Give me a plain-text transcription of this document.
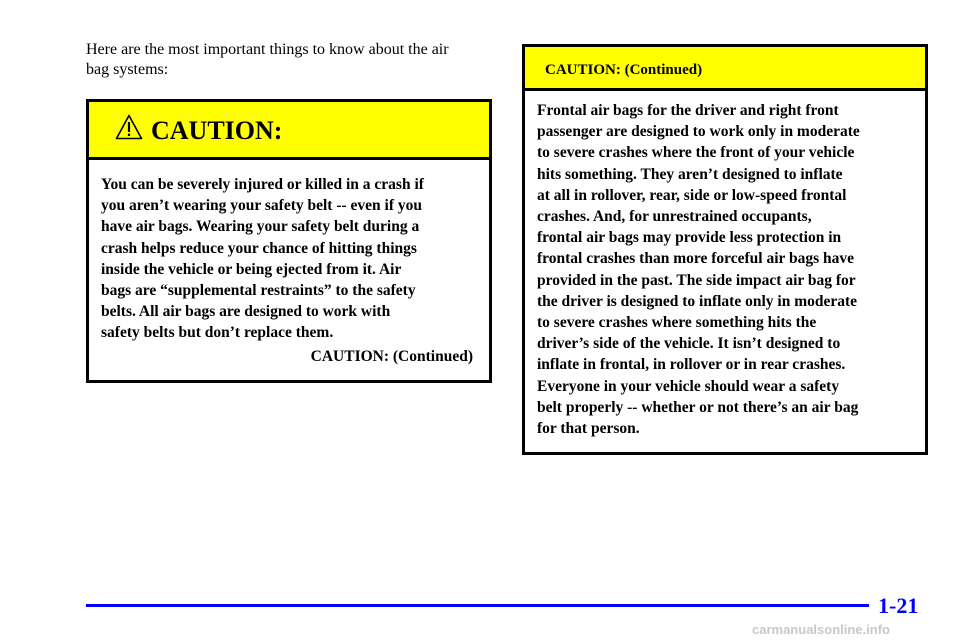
Here are the most important things to know about the air
bag systems:
CAUTION:
You can be severely injured or killed in a crash if
you aren’t wearing your safety belt -- even if you
have air bags. Wearing your safety belt during a
crash helps reduce your chance of hitting things
inside the vehicle or being ejected from it. Air
bags are “supplemental restraints” to the safety
belts. All air bags are designed to work with
safety belts but don’t replace them.
CAUTION: (Continued)
CAUTION: (Continued)
Frontal air bags for the driver and right front
passenger are designed to work only in moderate
to severe crashes where the front of your vehicle
hits something. They aren’t designed to inflate
at all in rollover, rear, side or low-speed frontal
crashes. And, for unrestrained occupants,
frontal air bags may provide less protection in
frontal crashes than more forceful air bags have
provided in the past. The side impact air bag for
the driver is designed to inflate only in moderate
to severe crashes where something hits the
driver’s side of the vehicle. It isn’t designed to
inflate in frontal, in rollover or in rear crashes.
Everyone in your vehicle should wear a safety
belt properly -- whether or not there’s an air bag
for that person.
1-21
carmanualsonline.info
